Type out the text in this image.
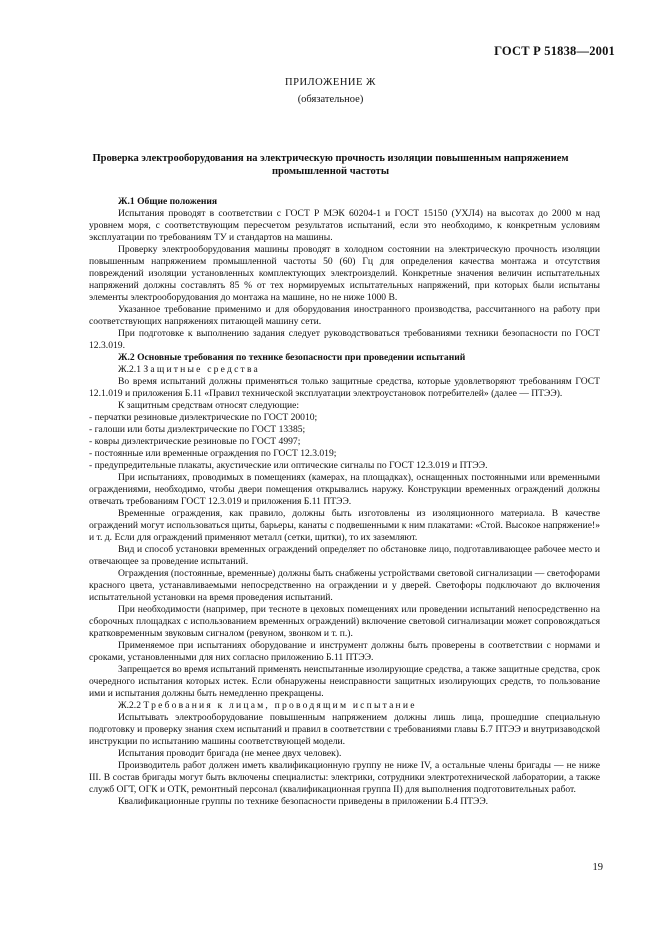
ГОСТ Р 51838—2001
ПРИЛОЖЕНИЕ Ж
(обязательное)
Проверка электрооборудования на электрическую прочность изоляции повышенным напряжением промышленной частоты

Ж.1 Общие положения

Испытания проводят в соответствии с ГОСТ Р МЭК 60204-1 и ГОСТ 15150 (УХЛ4) на высотах до 2000 м над уровнем моря, с соответствующим пересчетом результатов испытаний, если это необходимо, к конкретным условиям эксплуатации по требованиям ТУ и стандартов на машины.

Проверку электрооборудования машины проводят в холодном состоянии на электрическую прочность изоляции повышенным напряжением промышленной частоты 50 (60) Гц для определения качества монтажа и отсутствия повреждений изоляции установленных комплектующих электроизделий. Конкретные значения величин испытательных напряжений должны составлять 85 % от тех нормируемых испытательных напряжений, при которых были испытаны элементы электрооборудования до монтажа на машине, но не ниже 1000 В.

Указанное требование применимо и для оборудования иностранного производства, рассчитанного на работу при соответствующих напряжениях питающей машину сети.

При подготовке к выполнению задания следует руководствоваться требованиями техники безопасности по ГОСТ 12.3.019.

Ж.2 Основные требования по технике безопасности при проведении испытаний

Ж.2.1 Защитные средства

Во время испытаний должны применяться только защитные средства, которые удовлетворяют требованиям ГОСТ 12.1.019 и приложения Б.11 «Правил технической эксплуатации электроустановок потребителей» (далее — ПТЭЭ).

К защитным средствам относят следующие:

- перчатки резиновые диэлектрические по ГОСТ 20010;

- галоши или боты диэлектрические по ГОСТ 13385;

- ковры диэлектрические резиновые по ГОСТ 4997;

- постоянные или временные ограждения по ГОСТ 12.3.019;

- предупредительные плакаты, акустические или оптические сигналы по ГОСТ 12.3.019 и ПТЭЭ.

При испытаниях, проводимых в помещениях (камерах, на площадках), оснащенных постоянными или временными ограждениями, необходимо, чтобы двери помещения открывались наружу. Конструкции временных ограждений должны отвечать требованиям ГОСТ 12.3.019 и приложения Б.11 ПТЭЭ.

Временные ограждения, как правило, должны быть изготовлены из изоляционного материала. В качестве ограждений могут использоваться щиты, барьеры, канаты с подвешенными к ним плакатами: «Стой. Высокое напряжение!» и т. д. Если для ограждений применяют металл (сетки, щитки), то их заземляют.

Вид и способ установки временных ограждений определяет по обстановке лицо, подготавливающее рабочее место и отвечающее за проведение испытаний.

Ограждения (постоянные, временные) должны быть снабжены устройствами световой сигнализации — светофорами красного цвета, устанавливаемыми непосредственно на ограждении и у дверей. Светофоры подключают до включения испытательной установки на время проведения испытаний.

При необходимости (например, при тесноте в цеховых помещениях или проведении испытаний непосредственно на сборочных площадках с использованием временных ограждений) включение световой сигнализации может сопровождаться кратковременным звуковым сигналом (ревуном, звонком и т. п.).

Применяемое при испытаниях оборудование и инструмент должны быть проверены в соответствии с нормами и сроками, установленными для них согласно приложению Б.11 ПТЭЭ.

Запрещается во время испытаний применять неиспытанные изолирующие средства, а также защитные средства, срок очередного испытания которых истек. Если обнаружены неисправности защитных изолирующих средств, то пользование ими и испытания должны быть немедленно прекращены.

Ж.2.2 Требования к лицам, проводящим испытание

Испытывать электрооборудование повышенным напряжением должны лишь лица, прошедшие специальную подготовку и проверку знания схем испытаний и правил в соответствии с требованиями главы Б.7 ПТЭЭ и внутризаводской инструкции по испытанию машины соответствующей модели.

Испытания проводит бригада (не менее двух человек).

Производитель работ должен иметь квалификационную группу не ниже IV, а остальные члены бригады — не ниже III. В состав бригады могут быть включены специалисты: электрики, сотрудники электротехнической лаборатории, а также служб ОГТ, ОГК и ОТК, ремонтный персонал (квалификационная группа II) для выполнения подготовительных работ.

Квалификационные группы по технике безопасности приведены в приложении Б.4 ПТЭЭ.

19
